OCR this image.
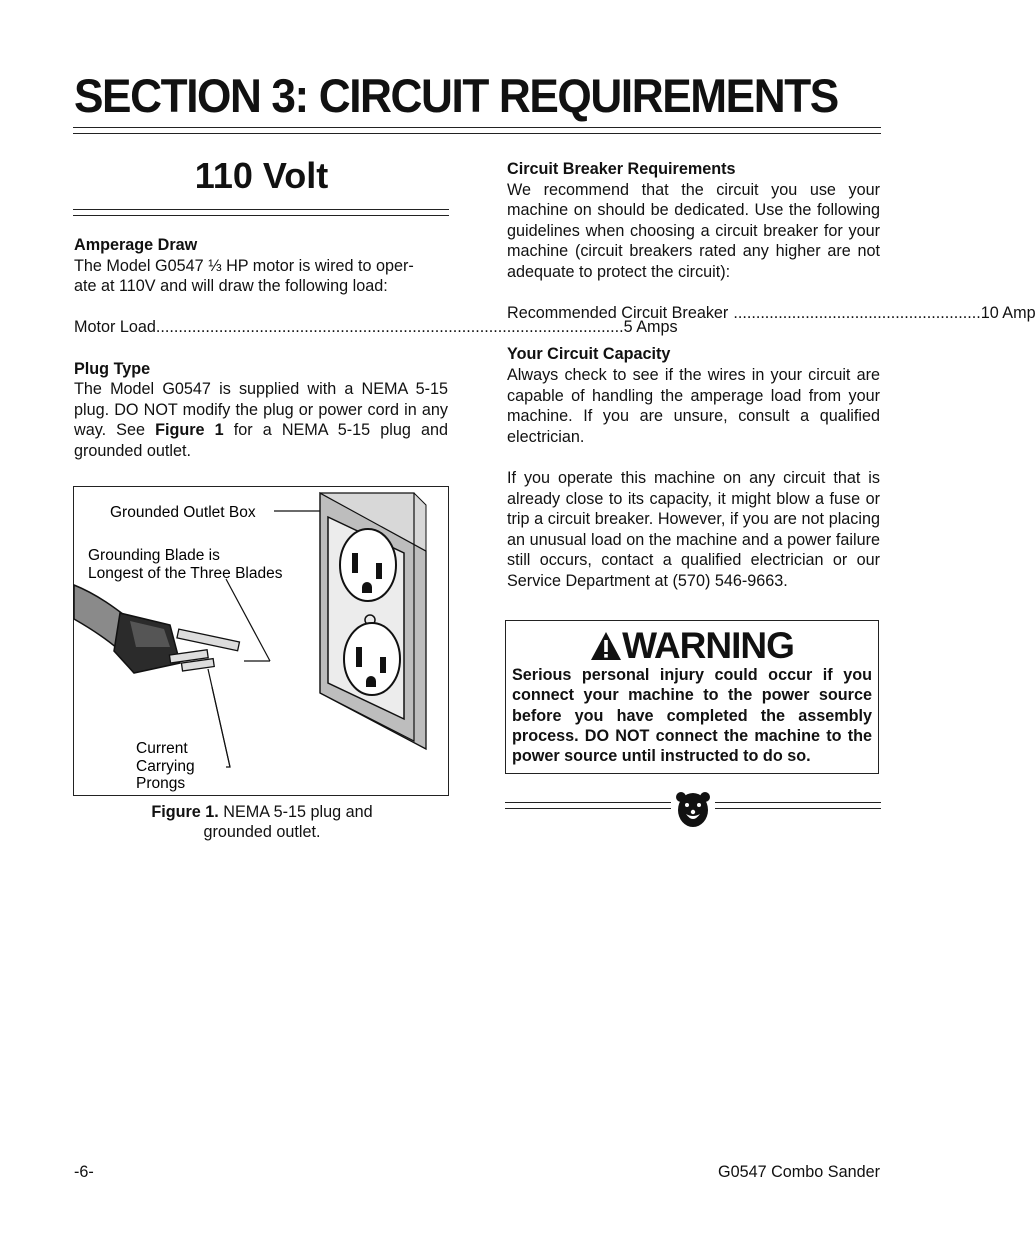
SECTION 3: CIRCUIT REQUIREMENTS
110 Volt

Amperage Draw

The Model G0547 ⅓ HP motor is wired to oper-

ate at 110V and will draw the following load:

Motor Load ........................................................................................................ 5 Amps

Plug Type

The Model G0547 is supplied with a NEMA 5-15 plug. DO NOT modify the plug or power cord in any way. See Figure 1 for a NEMA 5-15 plug and grounded outlet.

Grounded Outlet Box
Grounding Blade is
Longest of the Three Blades
Current
Carrying
Prongs
Figure 1. NEMA 5-15 plug and
grounded outlet.

Circuit Breaker Requirements

We recommend that the circuit you use your machine on should be dedicated. Use the following guidelines when choosing a circuit breaker for your machine (circuit breakers rated any higher are not adequate to protect the circuit):

Recommended Circuit Breaker ....................................................... 10 Amp

Your Circuit Capacity

Always check to see if the wires in your circuit are capable of handling the amperage load from your machine. If you are unsure, consult a qualified electrician.

If you operate this machine on any circuit that is already close to its capacity, it might blow a fuse or trip a circuit breaker. However, if you are not placing an unusual load on the machine and a power failure still occurs, contact a qualified electrician or our Service Department at (570) 546-9663.

WARNING
Serious personal injury could occur if you connect your machine to the power source before you have completed the assembly process. DO NOT connect the machine to the power source until instructed to do so.
-6-	G0547 Combo Sander
